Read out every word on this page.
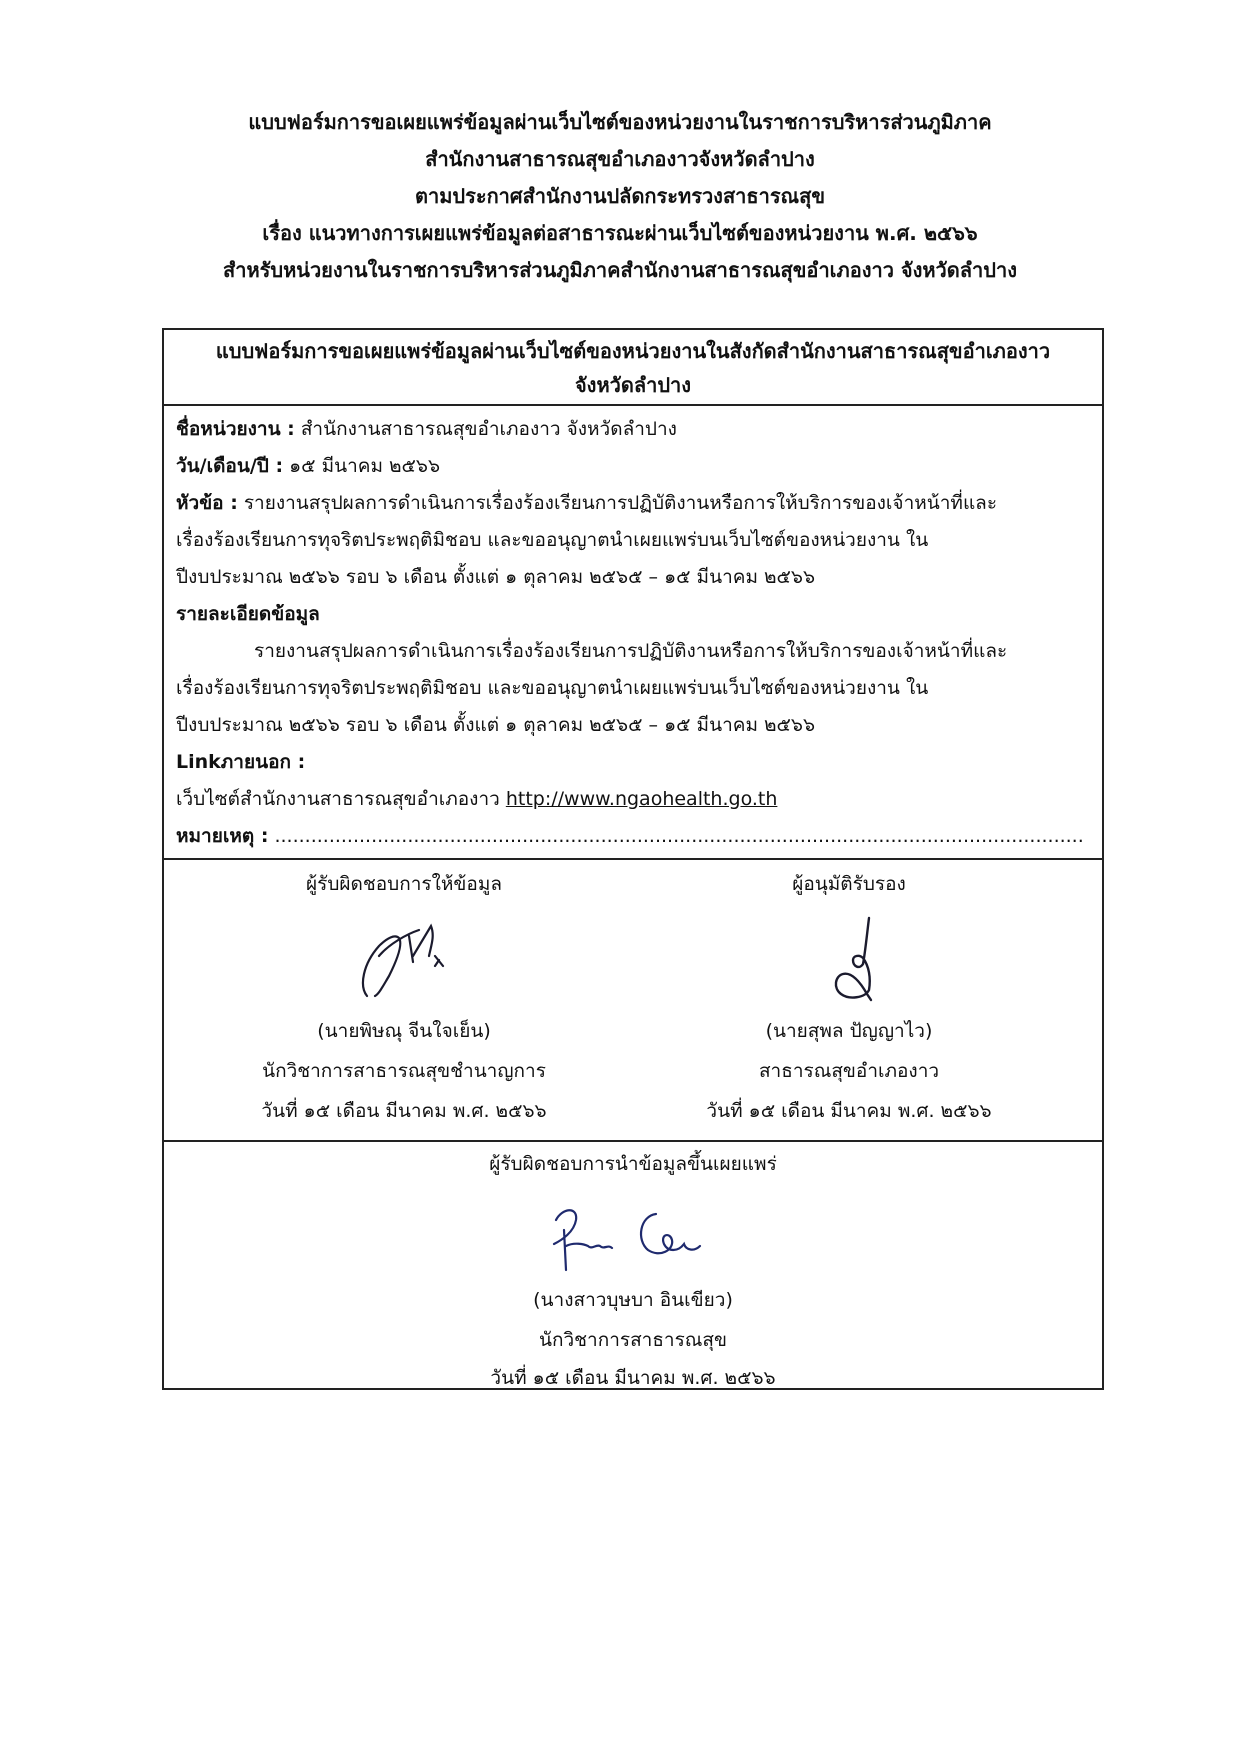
แบบฟอร์มการขอเผยแพร่ข้อมูลผ่านเว็บไซต์ของหน่วยงานในราชการบริหารส่วนภูมิภาค
สำนักงานสาธารณสุขอำเภองาวจังหวัดลำปาง
ตามประกาศสำนักงานปลัดกระทรวงสาธารณสุข
เรื่อง แนวทางการเผยแพร่ข้อมูลต่อสาธารณะผ่านเว็บไซต์ของหน่วยงาน พ.ศ. ๒๕๖๖
สำหรับหน่วยงานในราชการบริหารส่วนภูมิภาคสำนักงานสาธารณสุขอำเภองาว จังหวัดลำปาง
แบบฟอร์มการขอเผยแพร่ข้อมูลผ่านเว็บไซต์ของหน่วยงานในสังกัดสำนักงานสาธารณสุขอำเภองาว
จังหวัดลำปาง
ชื่อหน่วยงาน : สำนักงานสาธารณสุขอำเภองาว จังหวัดลำปาง
วัน/เดือน/ปี : ๑๕ มีนาคม ๒๕๖๖
หัวข้อ : รายงานสรุปผลการดำเนินการเรื่องร้องเรียนการปฏิบัติงานหรือการให้บริการของเจ้าหน้าที่และ
เรื่องร้องเรียนการทุจริตประพฤติมิชอบ และขออนุญาตนำเผยแพร่บนเว็บไซต์ของหน่วยงาน ใน
ปีงบประมาณ ๒๕๖๖ รอบ ๖ เดือน ตั้งแต่ ๑ ตุลาคม ๒๕๖๕ – ๑๕ มีนาคม ๒๕๖๖
รายละเอียดข้อมูล
รายงานสรุปผลการดำเนินการเรื่องร้องเรียนการปฏิบัติงานหรือการให้บริการของเจ้าหน้าที่และ
เรื่องร้องเรียนการทุจริตประพฤติมิชอบ และขออนุญาตนำเผยแพร่บนเว็บไซต์ของหน่วยงาน ใน
ปีงบประมาณ ๒๕๖๖ รอบ ๖ เดือน ตั้งแต่ ๑ ตุลาคม ๒๕๖๕ – ๑๕ มีนาคม ๒๕๖๖
Linkภายนอก :
เว็บไซต์สำนักงานสาธารณสุขอำเภองาว http://www.ngaohealth.go.th
หมายเหตุ : ......................................................................................................................................
ผู้รับผิดชอบการให้ข้อมูล
(นายพิษณุ จีนใจเย็น)
นักวิชาการสาธารณสุขชำนาญการ
วันที่ ๑๕ เดือน มีนาคม พ.ศ. ๒๕๖๖
ผู้อนุมัติรับรอง
(นายสุพล ปัญญาไว)
สาธารณสุขอำเภองาว
วันที่ ๑๕ เดือน มีนาคม พ.ศ. ๒๕๖๖
ผู้รับผิดชอบการนำข้อมูลขึ้นเผยแพร่
(นางสาวบุษบา อินเขียว)
นักวิชาการสาธารณสุข
วันที่ ๑๕ เดือน มีนาคม พ.ศ. ๒๕๖๖
